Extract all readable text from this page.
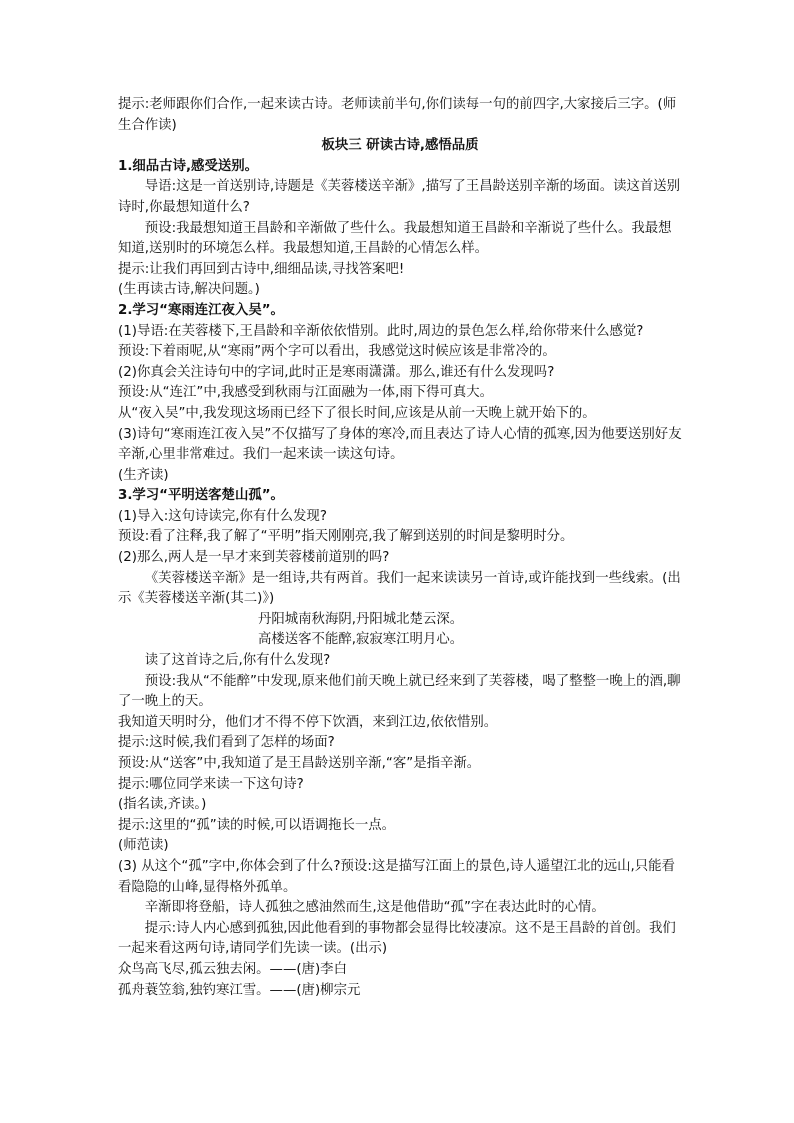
提示:老师跟你们合作,一起来读古诗。老师读前半句,你们读每一句的前四字,大家接后三字。(师生合作读)

板块三 研读古诗,感悟品质

1.细品古诗,感受送别。

导语:这是一首送别诗,诗题是《芙蓉楼送辛渐》,描写了王昌龄送别辛渐的场面。读这首送别诗时,你最想知道什么?

预设:我最想知道王昌龄和辛渐做了些什么。我最想知道王昌龄和辛渐说了些什么。我最想知道,送别时的环境怎么样。我最想知道,王昌龄的心情怎么样。

提示:让我们再回到古诗中,细细品读,寻找答案吧!

(生再读古诗,解决问题。)

2.学习“寒雨连江夜入吴”。

(1)导语:在芙蓉楼下,王昌龄和辛渐依依惜别。此时,周边的景色怎么样,给你带来什么感觉?

预设:下着雨呢,从“寒雨”两个字可以看出，我感觉这时候应该是非常冷的。

(2)你真会关注诗句中的字词,此时正是寒雨潇潇。那么,谁还有什么发现吗?

预设:从“连江”中,我感受到秋雨与江面融为一体,雨下得可真大。

从“夜入吴”中,我发现这场雨已经下了很长时间,应该是从前一天晚上就开始下的。

(3)诗句“寒雨连江夜入吴”不仅描写了身体的寒冷,而且表达了诗人心情的孤寒,因为他要送别好友辛渐,心里非常难过。我们一起来读一读这句诗。

(生齐读)

3.学习“平明送客楚山孤”。

(1)导入:这句诗读完,你有什么发现?

预设:看了注释,我了解了“平明”指天刚刚亮,我了解到送别的时间是黎明时分。

(2)那么,两人是一早才来到芙蓉楼前道别的吗?

《芙蓉楼送辛渐》是一组诗,共有两首。我们一起来读读另一首诗,或许能找到一些线索。(出示《芙蓉楼送辛渐(其二)》)

丹阳城南秋海阴,丹阳城北楚云深。

高楼送客不能醉,寂寂寒江明月心。

读了这首诗之后,你有什么发现?

预设:我从“不能醉”中发现,原来他们前天晚上就已经来到了芙蓉楼，喝了整整一晚上的酒,聊了一晚上的天。

我知道天明时分，他们才不得不停下饮酒，来到江边,依依惜别。

提示:这时候,我们看到了怎样的场面?

预设:从“送客”中,我知道了是王昌龄送别辛渐,“客”是指辛渐。

提示:哪位同学来读一下这句诗?

(指名读,齐读。)

提示:这里的“孤”读的时候,可以语调拖长一点。

(师范读)

(3) 从这个“孤”字中,你体会到了什么?预设:这是描写江面上的景色,诗人遥望江北的远山,只能看看隐隐的山峰,显得格外孤单。

辛渐即将登船，诗人孤独之感油然而生,这是他借助“孤”字在表达此时的心情。

提示:诗人内心感到孤独,因此他看到的事物都会显得比较凄凉。这不是王昌龄的首创。我们一起来看这两句诗,请同学们先读一读。(出示)

众鸟高飞尽,孤云独去闲。——(唐)李白

孤舟蓑笠翁,独钓寒江雪。——(唐)柳宗元
